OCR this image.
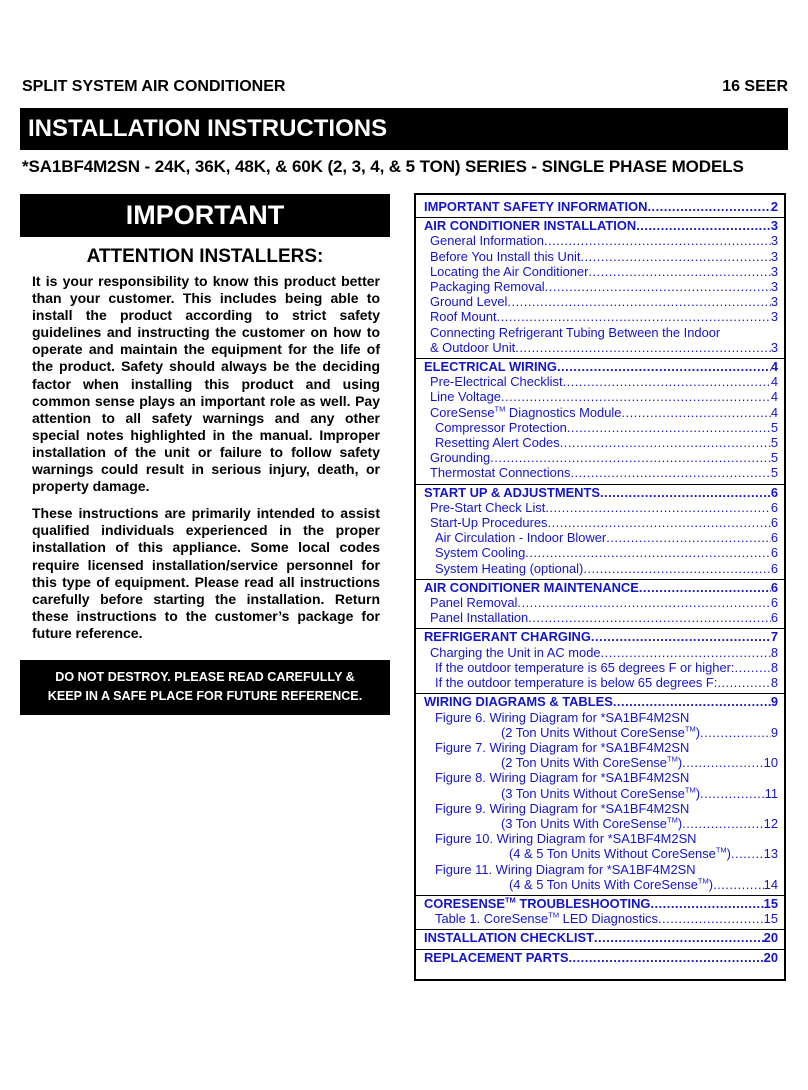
SPLIT SYSTEM AIR CONDITIONER	16 SEER
INSTALLATION INSTRUCTIONS
*SA1BF4M2SN - 24K, 36K, 48K, & 60K (2, 3, 4, & 5 TON) SERIES - SINGLE PHASE MODELS
IMPORTANT
ATTENTION INSTALLERS:
It is your responsibility to know this product better than your customer. This includes being able to install the product according to strict safety guidelines and instructing the customer on how to operate and maintain the equipment for the life of the product. Safety should always be the deciding factor when installing this product and using common sense plays an important role as well. Pay attention to all safety warnings and any other special notes highlighted in the manual. Improper installation of the unit or failure to follow safety warnings could result in serious injury, death, or property damage.
These instructions are primarily intended to assist qualified individuals experienced in the proper installation of this appliance. Some local codes require licensed installation/service personnel for this type of equipment. Please read all instructions carefully before starting the installation. Return these instructions to the customer’s package for future reference.
DO NOT DESTROY. PLEASE READ CAREFULLY &
KEEP IN A SAFE PLACE FOR FUTURE REFERENCE.
IMPORTANT SAFETY INFORMATION .....	2
AIR CONDITIONER INSTALLATION .....	3
General Information .....	3
Before You Install this Unit .....	3
Locating the Air Conditioner .....	3
Packaging Removal .....	3
Ground Level .....	3
Roof Mount .....	3
Connecting Refrigerant Tubing Between the Indoor
& Outdoor Unit .....	3
ELECTRICAL WIRING .....	4
Pre-Electrical Checklist .....	4
Line Voltage .....	4
CoreSense™ Diagnostics Module .....	4
Compressor Protection .....	5
Resetting Alert Codes .....	5
Grounding .....	5
Thermostat Connections .....	5
START UP & ADJUSTMENTS .....	6
Pre-Start Check List .....	6
Start-Up Procedures .....	6
Air Circulation - Indoor Blower .....	6
System Cooling .....	6
System Heating (optional) .....	6
AIR CONDITIONER MAINTENANCE .....	6
Panel Removal .....	6
Panel Installation .....	6
REFRIGERANT CHARGING .....	7
Charging the Unit in AC mode .....	8
If the outdoor temperature is 65 degrees F or higher: .....	8
If the outdoor temperature is below 65 degrees F: .....	8
WIRING DIAGRAMS & TABLES .....	9
Figure 6. Wiring Diagram for *SA1BF4M2SN
(2 Ton Units Without CoreSense™) .....	9
Figure 7. Wiring Diagram for *SA1BF4M2SN
(2 Ton Units With CoreSense™) .....	10
Figure 8. Wiring Diagram for *SA1BF4M2SN
(3 Ton Units Without CoreSense™) .....	11
Figure 9. Wiring Diagram for *SA1BF4M2SN
(3 Ton Units With CoreSense™) .....	12
Figure 10. Wiring Diagram for *SA1BF4M2SN
(4 & 5 Ton Units Without CoreSense™) .....	13
Figure 11. Wiring Diagram for *SA1BF4M2SN
(4 & 5 Ton Units With CoreSense™) .....	14
CORESENSE™ TROUBLESHOOTING .....	15
Table 1. CoreSense™ LED Diagnostics .....	15
INSTALLATION CHECKLIST .....	20
REPLACEMENT PARTS .....	20
